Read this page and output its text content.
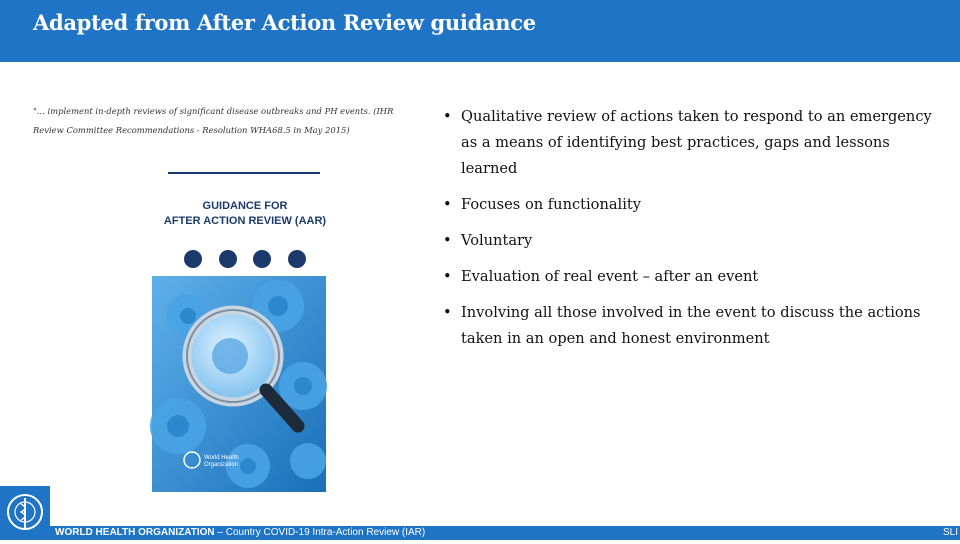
Adapted from After Action Review guidance
"... implement in-depth reviews of significant disease outbreaks and PH events. (IHR Review Committee Recommendations - Resolution WHA68.5 in May 2015)
GUIDANCE FOR
AFTER ACTION REVIEW (AAR)
World Health
Organization
• Qualitative review of actions taken to respond to an emergency as a means of identifying best practices, gaps and lessons learned
• Focuses on functionality
• Voluntary
• Evaluation of real event – after an event
• Involving all those involved in the event to discuss the actions taken in an open and honest environment
WORLD HEALTH ORGANIZATION – Country COVID-19 Intra-Action Review (IAR)	SLI
